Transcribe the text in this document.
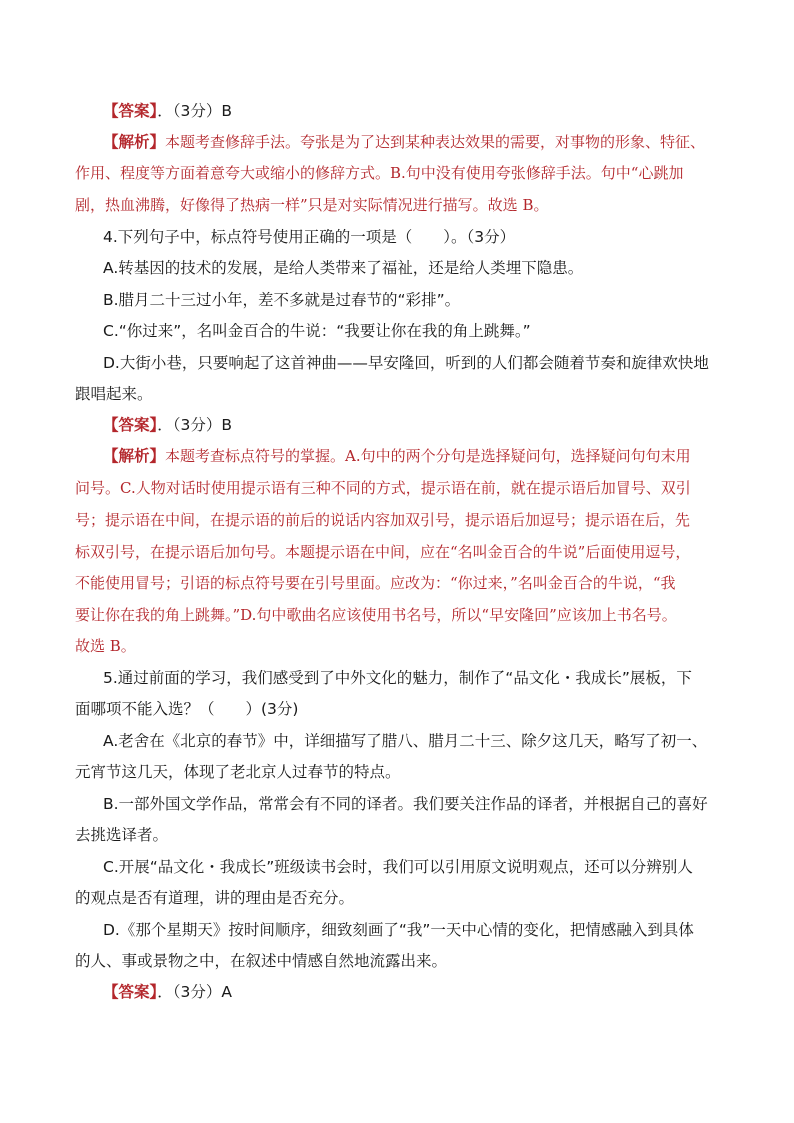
【答案】．（3分）B
【解析】本题考查修辞手法。夸张是为了达到某种表达效果的需要，对事物的形象、特征、
作用、程度等方面着意夸大或缩小的修辞方式。B.句中没有使用夸张修辞手法。句中“心跳加
剧，热血沸腾，好像得了热病一样”只是对实际情况进行描写。故选 B。
4.下列句子中，标点符号使用正确的一项是（　　）。（3分）
A.转基因的技术的发展，是给人类带来了福祉，还是给人类埋下隐患。
B.腊月二十三过小年，差不多就是过春节的“彩排”。
C.“你过来”，名叫金百合的牛说：“我要让你在我的角上跳舞。”
D.大街小巷，只要响起了这首神曲——早安隆回，听到的人们都会随着节奏和旋律欢快地
跟唱起来。
【答案】．（3分）B
【解析】本题考查标点符号的掌握。A.句中的两个分句是选择疑问句，选择疑问句句末用
问号。C.人物对话时使用提示语有三种不同的方式，提示语在前，就在提示语后加冒号、双引
号；提示语在中间，在提示语的前后的说话内容加双引号，提示语后加逗号；提示语在后，先
标双引号，在提示语后加句号。本题提示语在中间，应在“名叫金百合的牛说”后面使用逗号，
不能使用冒号；引语的标点符号要在引号里面。应改为：“你过来，”名叫金百合的牛说，“我
要让你在我的角上跳舞。”D.句中歌曲名应该使用书名号，所以“早安隆回”应该加上书名号。
故选 B。
5.通过前面的学习，我们感受到了中外文化的魅力，制作了“品文化・我成长”展板，下
面哪项不能入选？（　　）(3分)
A.老舍在《北京的春节》中，详细描写了腊八、腊月二十三、除夕这几天，略写了初一、
元宵节这几天，体现了老北京人过春节的特点。
B.一部外国文学作品，常常会有不同的译者。我们要关注作品的译者，并根据自己的喜好
去挑选译者。
C.开展“品文化・我成长”班级读书会时，我们可以引用原文说明观点，还可以分辨别人
的观点是否有道理，讲的理由是否充分。
D.《那个星期天》按时间顺序，细致刻画了“我”一天中心情的变化，把情感融入到具体
的人、事或景物之中，在叙述中情感自然地流露出来。
【答案】．（3分）A
